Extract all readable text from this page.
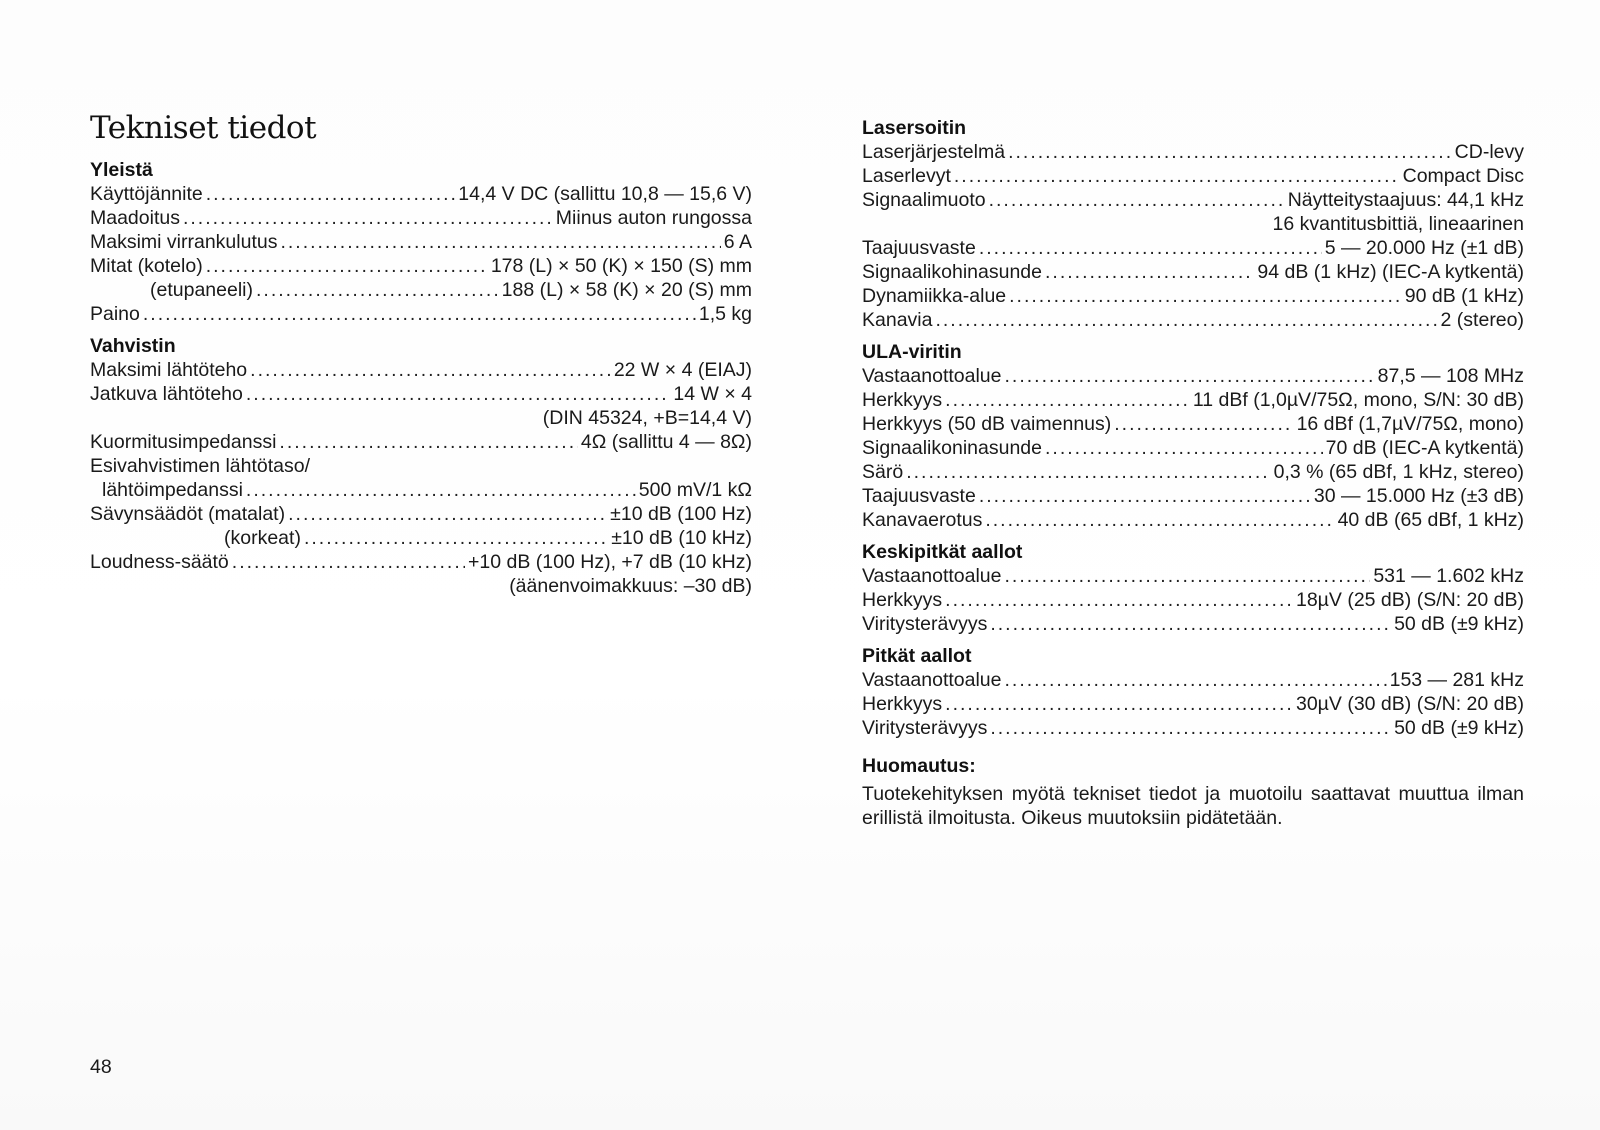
Tekniset tiedot
Yleistä
Käyttöjännite .....	14,4 V DC (sallittu 10,8 — 15,6 V)
Maadoitus .....	Miinus auton rungossa
Maksimi virrankulutus .....	6 A
Mitat (kotelo) .....	178 (L) × 50 (K) × 150 (S) mm
(etupaneeli) .....	188 (L) × 58 (K) × 20 (S) mm
Paino .....	1,5 kg
Vahvistin
Maksimi lähtöteho .....	22 W × 4 (EIAJ)
Jatkuva lähtöteho .....	14 W × 4
(DIN 45324, +B=14,4 V)
Kuormitusimpedanssi .....	4Ω (sallittu 4 — 8Ω)
Esivahvistimen lähtötaso/
lähtöimpedanssi .....	500 mV/1 kΩ
Sävynsäädöt (matalat) .....	±10 dB (100 Hz)
(korkeat) .....	±10 dB (10 kHz)
Loudness-säätö .....	+10 dB (100 Hz), +7 dB (10 kHz)
(äänenvoimakkuus: –30 dB)
Lasersoitin
Laserjärjestelmä .....	CD-levy
Laserlevyt .....	Compact Disc
Signaalimuoto .....	Näytteitystaajuus: 44,1 kHz
16 kvantitusbittiä, lineaarinen
Taajuusvaste .....	5 — 20.000 Hz (±1 dB)
Signaalikohinasunde .....	94 dB (1 kHz) (IEC-A kytkentä)
Dynamiikka-alue .....	90 dB (1 kHz)
Kanavia .....	2 (stereo)
ULA-viritin
Vastaanottoalue .....	87,5 — 108 MHz
Herkkyys .....	11 dBf (1,0µV/75Ω, mono, S/N: 30 dB)
Herkkyys (50 dB vaimennus) .....	16 dBf (1,7µV/75Ω, mono)
Signaalikoninasunde .....	70 dB (IEC-A kytkentä)
Särö .....	0,3 % (65 dBf, 1 kHz, stereo)
Taajuusvaste .....	30 — 15.000 Hz (±3 dB)
Kanavaerotus .....	40 dB (65 dBf, 1 kHz)
Keskipitkät aallot
Vastaanottoalue .....	531 — 1.602 kHz
Herkkyys .....	18µV (25 dB) (S/N: 20 dB)
Viritysterävyys .....	50 dB (±9 kHz)
Pitkät aallot
Vastaanottoalue .....	153 — 281 kHz
Herkkyys .....	30µV (30 dB) (S/N: 20 dB)
Viritysterävyys .....	50 dB (±9 kHz)
Huomautus:
Tuotekehityksen myötä tekniset tiedot ja muotoilu saattavat muuttua ilman erillistä ilmoitusta. Oikeus muutoksiin pidätetään.
48
